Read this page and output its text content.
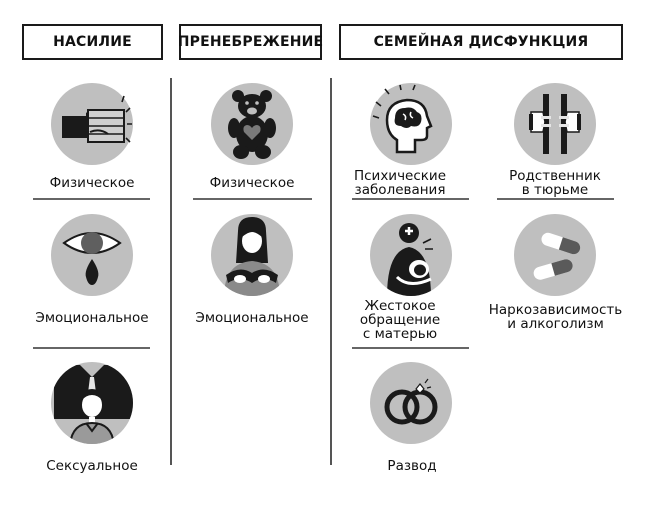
НАСИЛИЕ	ПРЕНЕБРЕЖЕНИЕ	СЕМЕЙНАЯ ДИСФУНКЦИЯ
Физическое
Эмоциональное
Сексуальное
Физическое
Эмоциональное
Психические
заболевания
Родственник
в тюрьме
Жестокое
обращение
с матерью
Наркозависимость
и алкоголизм
Развод
